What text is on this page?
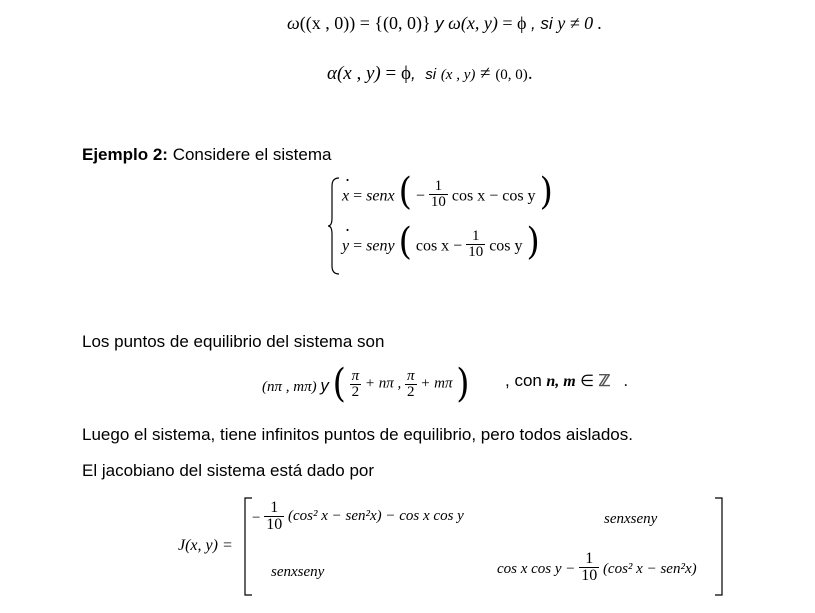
ω((x , 0)) = {(0, 0)} y ω(x, y) = ϕ , si y ≠ 0 .
α(x , y) = ϕ, si (x , y) ≠ (0, 0).
Ejemplo 2: Considere el sistema
·
x = senx ( − $\frac{1}{10}$ cos x − cos y )
·
y = seny ( $\cos x - \frac{1}{10}$ cos y )
Los puntos de equilibrio del sistema son
(nπ , mπ) y ( $\frac{\pi}{2} + n\pi$ , $\frac{\pi}{2} + m\pi$ ) , con n, m ∈ ℤ .
Luego el sistema, tiene infinitos puntos de equilibrio, pero todos aislados.
El jacobiano del sistema está dado por
J(x, y) =
− $\frac{1}{10} (\cos^2$ x − sen²x) − cos x cos y	senxseny
senxseny	cos x $\cos y - \frac{1}{10} (\cos^2$ x − sen²x)
